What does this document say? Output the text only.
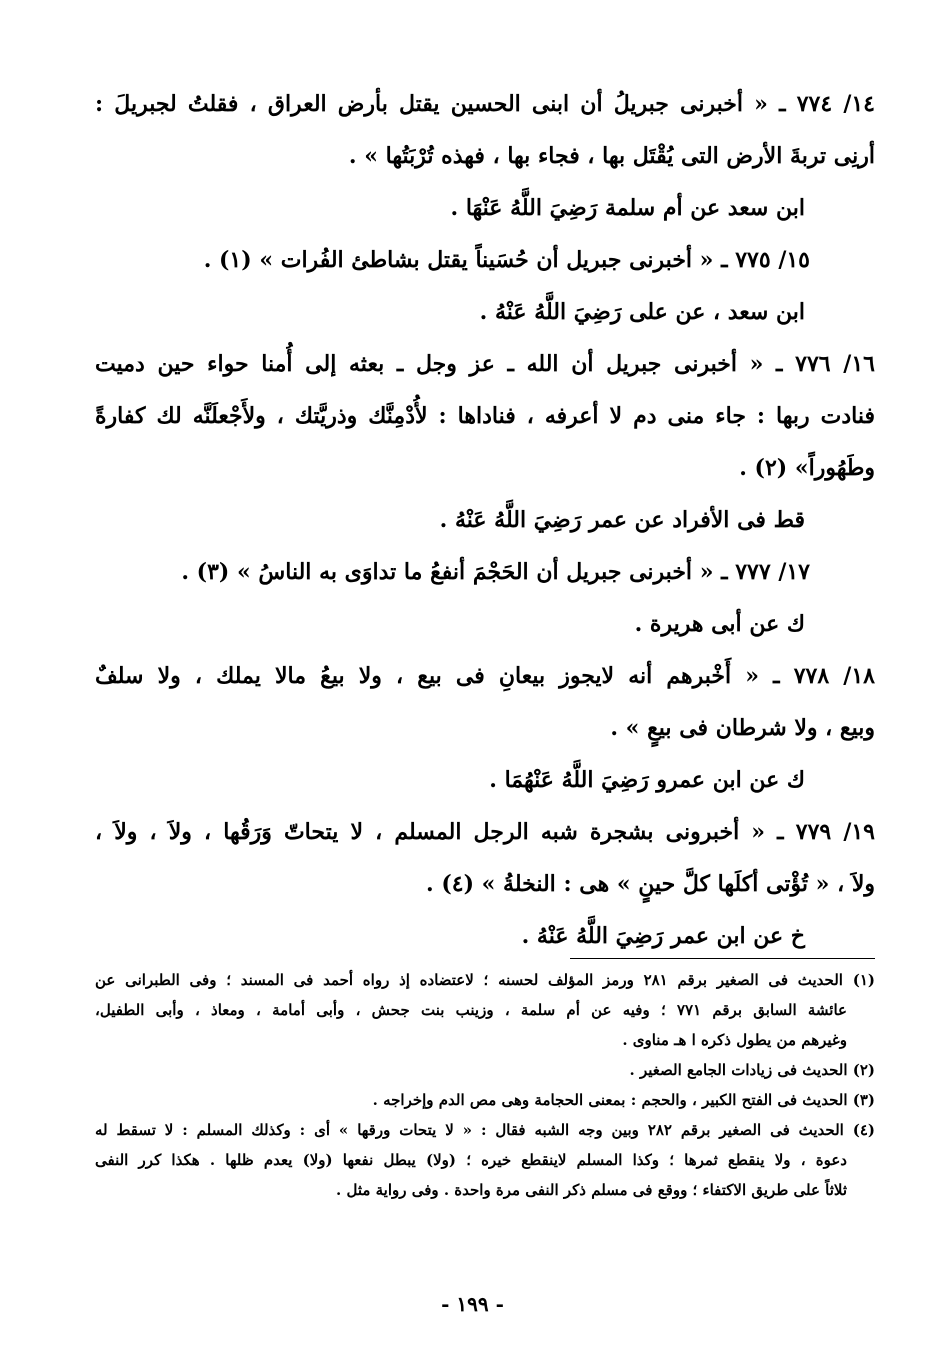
١٤/ ٧٧٤ ـ « أخبرنى جبريلُ أن ابنى الحسين يقتل بأرض العراق ، فقلتُ لجبريلَ :
أرنِى تربةَ الأرض التى يُقْتَل بها ، فجاء بها ، فهذه تُرْبَتُها » .
ابن سعد عن أم سلمة رَضِيَ اللَّهُ عَنْهَا .
١٥/ ٧٧٥ ـ « أخبرنى جبريل أن حُسَيناً يقتل بشاطئ الفُرات » (١) .
ابن سعد ، عن على رَضِيَ اللَّهُ عَنْهُ .
١٦/ ٧٧٦ ـ « أخبرنى جبريل أن الله ـ عز وجل ـ بعثه إلى أُمنا حواء حين دميت
فنادت ربها : جاء منى دم لا أعرفه ، فناداها : لأُدْمِنَّك وذريَّتك ، ولأَجْعلَنَّه لك كفارةً
وطَهُوراً» (٢) .
قط فى الأفراد عن عمر رَضِيَ اللَّهُ عَنْهُ .
١٧/ ٧٧٧ ـ « أخبرنى جبريل أن الحَجْمَ أنفعُ ما تداوَى به الناسُ » (٣) .
ك عن أبى هريرة .
١٨/ ٧٧٨ ـ « أَخْبرهم أنه لايجوز بيعانِ فى بيع ، ولا بيعُ مالا يملك ، ولا سلفٌ
وبيع ، ولا شرطان فى بيعٍ » .
ك عن ابن عمرو رَضِيَ اللَّهُ عَنْهُمَا .
١٩/ ٧٧٩ ـ « أخبرونى بشجرة شبه الرجل المسلم ، لا يتحاتّ وَرَقُها ، ولاَ ، ولاَ ،
ولاَ ، « تُؤْتى أكلَها كلَّ حينٍ » هى : النخلةُ » (٤) .
خ عن ابن عمر رَضِيَ اللَّهُ عَنْهُ .
(١) الحديث فى الصغير برقم ٢٨١ ورمز المؤلف لحسنه ؛ لاعتضاده إذ رواه أحمد فى المسند ؛ وفى الطبرانى عن
عائشة السابق برقم ٧٧١ ؛ وفيه عن أم سلمة ، وزينب بنت جحش ، وأبى أمامة ، ومعاذ ، وأبى الطفيل،
وغيرهم من يطول ذكره ا هـ مناوى .
(٢) الحديث فى زيادات الجامع الصغير .
(٣) الحديث فى الفتح الكبير ، والحجم : بمعنى الحجامة وهى مص الدم وإخراجه .
(٤) الحديث فى الصغير برقم ٢٨٢ وبين وجه الشبه فقال : « لا يتحات ورقها » أى : وكذلك المسلم : لا تسقط له
دعوة ، ولا ينقطع ثمرها ؛ وكذا المسلم لاينقطع خيره ؛ (ولا) يبطل نفعها (ولا) يعدم ظلها . هكذا كرر النفى
ثلاثاً على طريق الاكتفاء ؛ ووقع فى مسلم ذكر النفى مرة واحدة . وفى رواية مثل .
- ١٩٩ -
